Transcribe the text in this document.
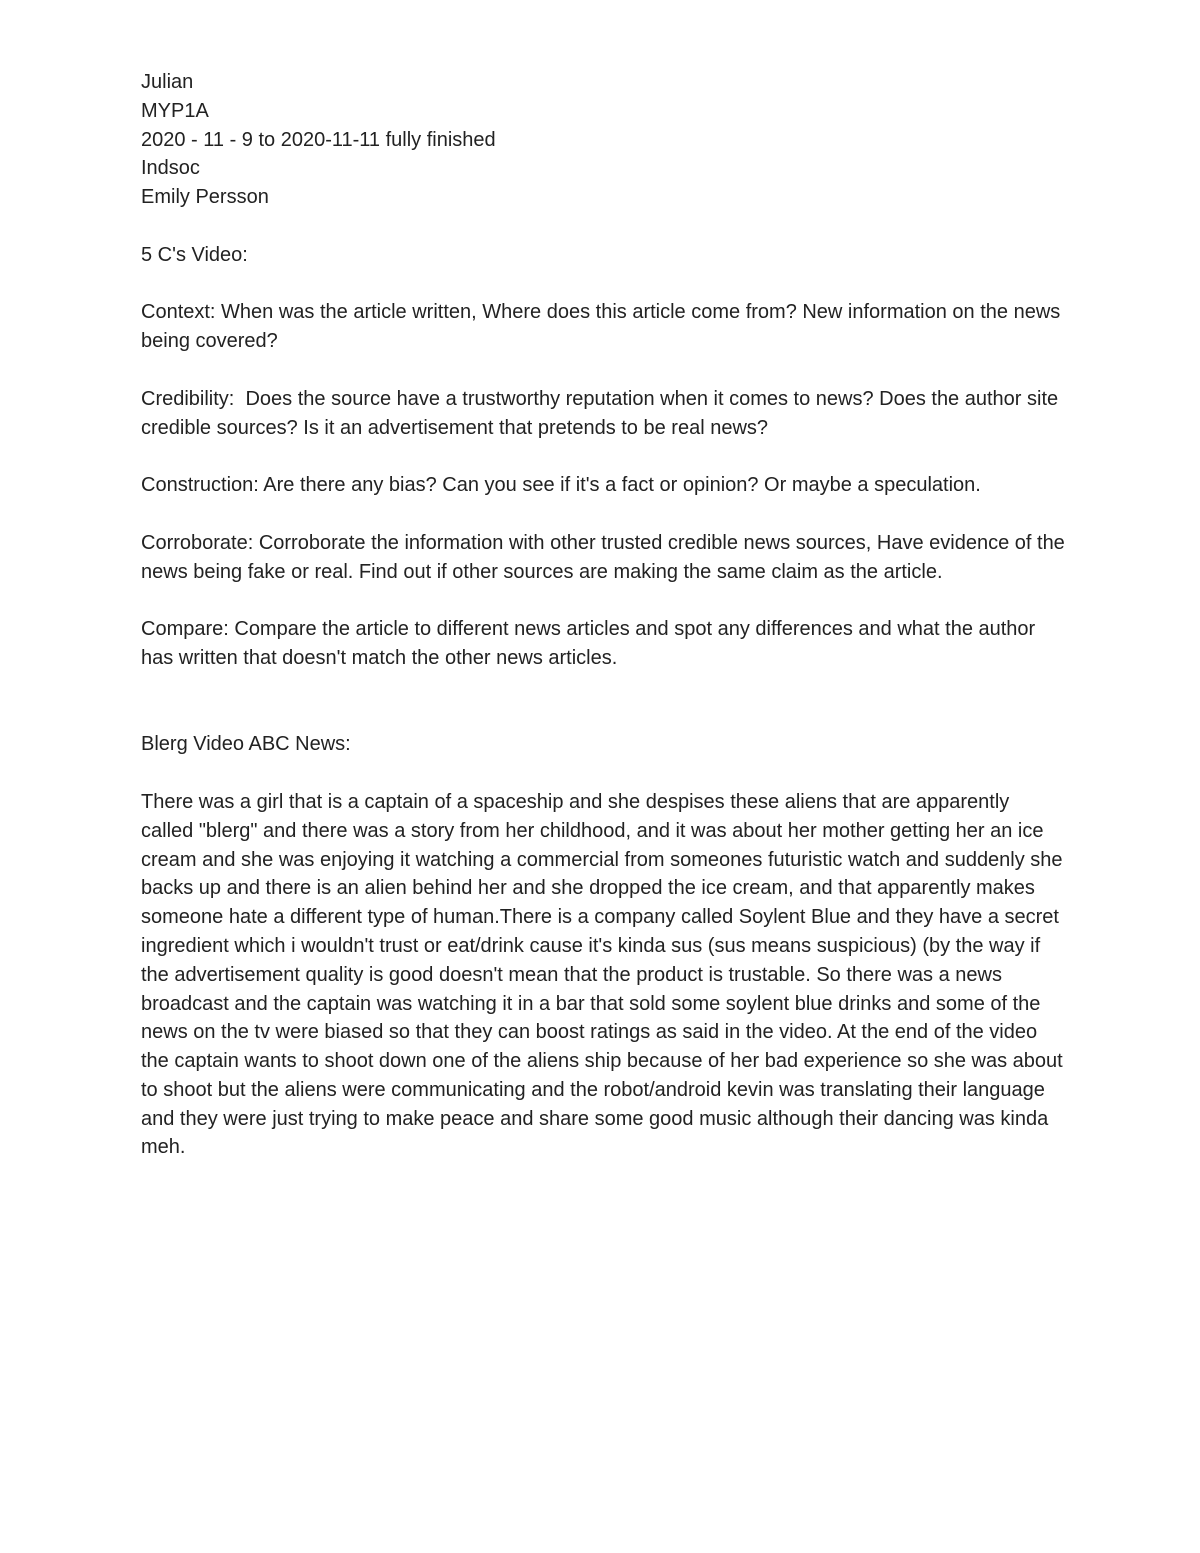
Julian

MYP1A

2020 - 11 - 9 to 2020-11-11 fully finished

Indsoc

Emily Persson

5 C's Video:

Context: When was the article written, Where does this article come from? New information on the news being covered?

Credibility:  Does the source have a trustworthy reputation when it comes to news? Does the author site credible sources? Is it an advertisement that pretends to be real news?

Construction: Are there any bias? Can you see if it's a fact or opinion? Or maybe a speculation.

Corroborate: Corroborate the information with other trusted credible news sources, Have evidence of the news being fake or real. Find out if other sources are making the same claim as the article.

Compare: Compare the article to different news articles and spot any differences and what the author has written that doesn't match the other news articles.

Blerg Video ABC News:

There was a girl that is a captain of a spaceship and she despises these aliens that are apparently called "blerg" and there was a story from her childhood, and it was about her mother getting her an ice cream and she was enjoying it watching a commercial from someones futuristic watch and suddenly she backs up and there is an alien behind her and she dropped the ice cream, and that apparently makes someone hate a different type of human.There is a company called Soylent Blue and they have a secret ingredient which i wouldn't trust or eat/drink cause it's kinda sus (sus means suspicious) (by the way if the advertisement quality is good doesn't mean that the product is trustable. So there was a news broadcast and the captain was watching it in a bar that sold some soylent blue drinks and some of the news on the tv were biased so that they can boost ratings as said in the video. At the end of the video the captain wants to shoot down one of the aliens ship because of her bad experience so she was about to shoot but the aliens were communicating and the robot/android kevin was translating their language and they were just trying to make peace and share some good music although their dancing was kinda meh.
